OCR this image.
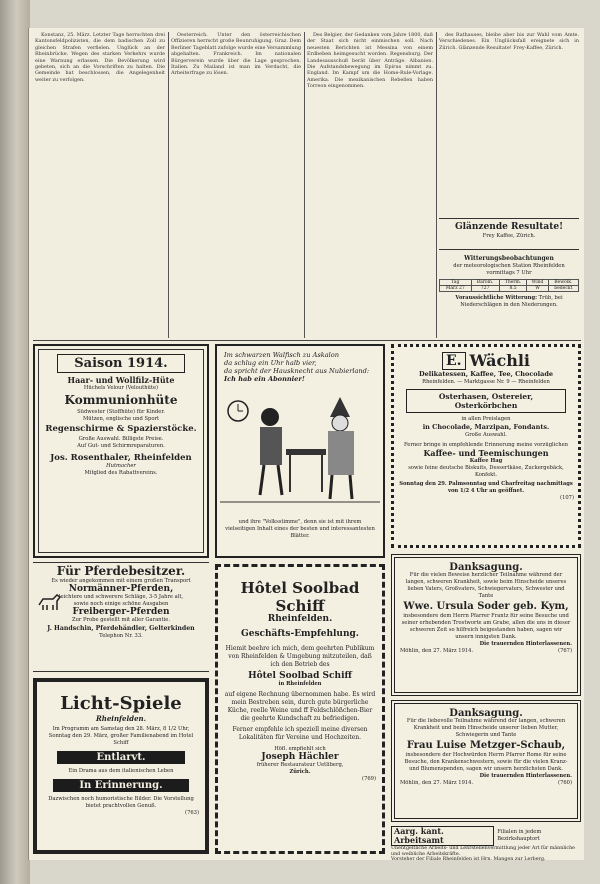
Konstanz, 25. März. Letzter Tage herrschten drei Kantonsfeldpolizisten, die dem badischen Zoll zu gleichen Strafen verfielen. Unglück an der Rheinbrücke. Wegen des starken Verkehrs wurde eine Warnung erlassen. Die Bevölkerung wird gebeten, sich an die Vorschriften zu halten. Die Gemeinde hat beschlossen, die Angelegenheit weiter zu verfolgen.

Oesterreich. Unter den österreichischen Offizieren herrscht große Beunruhigung. Graz. Dem Berliner Tageblatt zufolge wurde eine Versammlung abgehalten. Frankreich. Im nationalen Bürgerverein wurde über die Lage gesprochen. Italien. Zu Mailand ist man im Verdacht, die Arbeiterfrage zu lösen.

Des Belgier, der Gedanken vom Jahre 1800, daß der Staat sich nicht einmischen soll. Nach neuesten Berichten ist Messina von einem Erdbeben heimgesucht worden. Regensburg. Der Landesausschuß berät über Anträge. Albanien. Die Aufstandsbewegung im Epirus nimmt zu. England. Im Kampf um die Home-Rule-Vorlage. Amerika. Die mexikanischen Rebellen haben Torreon eingenommen.

des Rathauses, bleibe aber bis zur Wahl vom Amte. Verschiedenes. Ein Unglücksfall ereignete sich in Zürich. Glänzende Resultate! Frey-Kaffee, Zürich.

Glänzende Resultate!
Frey Kaffee, Zürich.
Witterungsbeobachtungen
der meteorologischen Station Rheinfelden vormittags 7 Uhr
Tag	Barom.	Therm.	Wind	Bewölk.
März 27	727	8.5	W	bedeckt
Voraussichtliche Witterung: Trüb, bei Niederschlägen in den Niederungen.
Saison 1914.
Haar- und Wollfilz-Hüte
Hüchels Velour (Velouthüte)
Kommunionhüte
Südwester (Stoffhüte) für Kinder.
Mützen, englische und Sport
Regenschirme & Spazierstöcke.
Große Auswahl. Billigste Preise.
Auf Gut- und Schirmreparaturen.
Jos. Rosenthaler, Rheinfelden
Hutmacher
Mitglied des Rabattvereins.
Im schwarzen Walfisch zu Askalon
da schlug ein Uhr halb vier,
da spricht der Hausknecht aus Nubierland:
Ich hab ein Abonnier!
und ihre "Volksstimme", denn sie ist mit ihrem vielseitigen Inhalt eines der besten und interessantesten Blätter.
E. Wächli
Delikatessen, Kaffee, Tee, Chocolade
Rheinfelden. — Marktgasse Nr. 9 — Rheinfelden
Osterhasen, Ostereier, Osterkörbchen
in allen Preislagen
in Chocolade, Marzipan, Fondants.
Große Auswahl.
Ferner bringe in empfehlende Erinnerung meine vorzüglichen
Kaffee- und Teemischungen
Kaffee Hag
sowie feine deutsche Biskuits, Dessertkäse, Zuckergebäck, Konfekt.
Sonntag den 29. Palmsonntag und Charfreitag nachmittags von 1/2 4 Uhr an geöffnet.
(107)
Für Pferdebesitzer.
Es wieder angekommen mit einem großen Transport
Normänner-Pferden,
leichtere und schwerere Schläge, 3-5 Jahre alt,
sowie noch einige schöne Ausgaben
Freiberger-Pferden
Zur Probe gestellt mit aller Garantie.
J. Handschin, Pferdehändler, Gelterkinden
Telephon Nr. 33.
Licht-Spiele
Rheinfelden.
Im Programm am Samstag den 28. März, 8 1/2 Uhr, Sonntag den 29. März, großer Familienabend im Hotel Schiff
Entlarvt.
Ein Drama aus dem italienischen Leben
In Erinnerung.
Dazwischen noch humoristische Bilder. Die Vorstellung bietet prachtvollen Genuß.
(763)
Hôtel Soolbad Schiff
Rheinfelden.
Geschäfts-Empfehlung.
Hiemit beehre ich mich, dem geehrten Publikum von Rheinfelden & Umgebung mitzuteilen, daß ich den Betrieb des
Hôtel Soolbad Schiff
in Rheinfelden
auf eigene Rechnung übernommen habe. Es wird mein Bestreben sein, durch gute bürgerliche Küche, reelle Weine und ff Feldschlößchen-Bier die geehrte Kundschaft zu befriedigen.
Ferner empfehle ich speziell meine diversen Lokalitäten für Vereine und Hochzeiten.
Höfl. empfiehlt sich
Joseph Hächler
früherer Restaurateur Uetliberg,
Zürich.
(769)
Danksagung.
Für die vielen Beweise herzlicher Teilnahme während der langen, schweren Krankheit, sowie beim Hinscheide unseres lieben Vaters, Großvaters, Schwiegervaters, Schwester und Tante
Wwe. Ursula Soder geb. Kym,
insbesondere dem Herrn Pfarrer Frantz für seine Besuche und seiner erhebenden Trostworte am Grabe, allen die uns in dieser schweren Zeit so hilfreich beigestanden haben, sagen wir unsern innigsten Dank.
Die trauernden Hinterlassenen.
Möhlin, den 27. März 1914.	(767)
Danksagung.
Für die liebevolle Teilnahme während der langen, schweren Krankheit und beim Hinscheide unserer lieben Mutter, Schwiegerin und Tante
Frau Luise Metzger-Schaub,
insbesondere der Hochwürden Herrn Pfarrer Rome für seine Besuche, den Krankenschwestern, sowie für die vielen Kranz- und Blumenspenden, sagen wir unsern herzlichsten Dank.
Die trauernden Hinterlassenen.
Möhlin, den 27. März 1914.	(760)
Aarg. kant. Arbeitsamt
Filialen in jedem Bezirkshauptort
Unentgeltliche Arbeits- und Lehrstellenvermittlung jeder Art für männliche und weibliche Arbeitskräfte.
Vorsteher der Filiale Rheinfelden ist Hrn. Mangen zur Lerberg.
